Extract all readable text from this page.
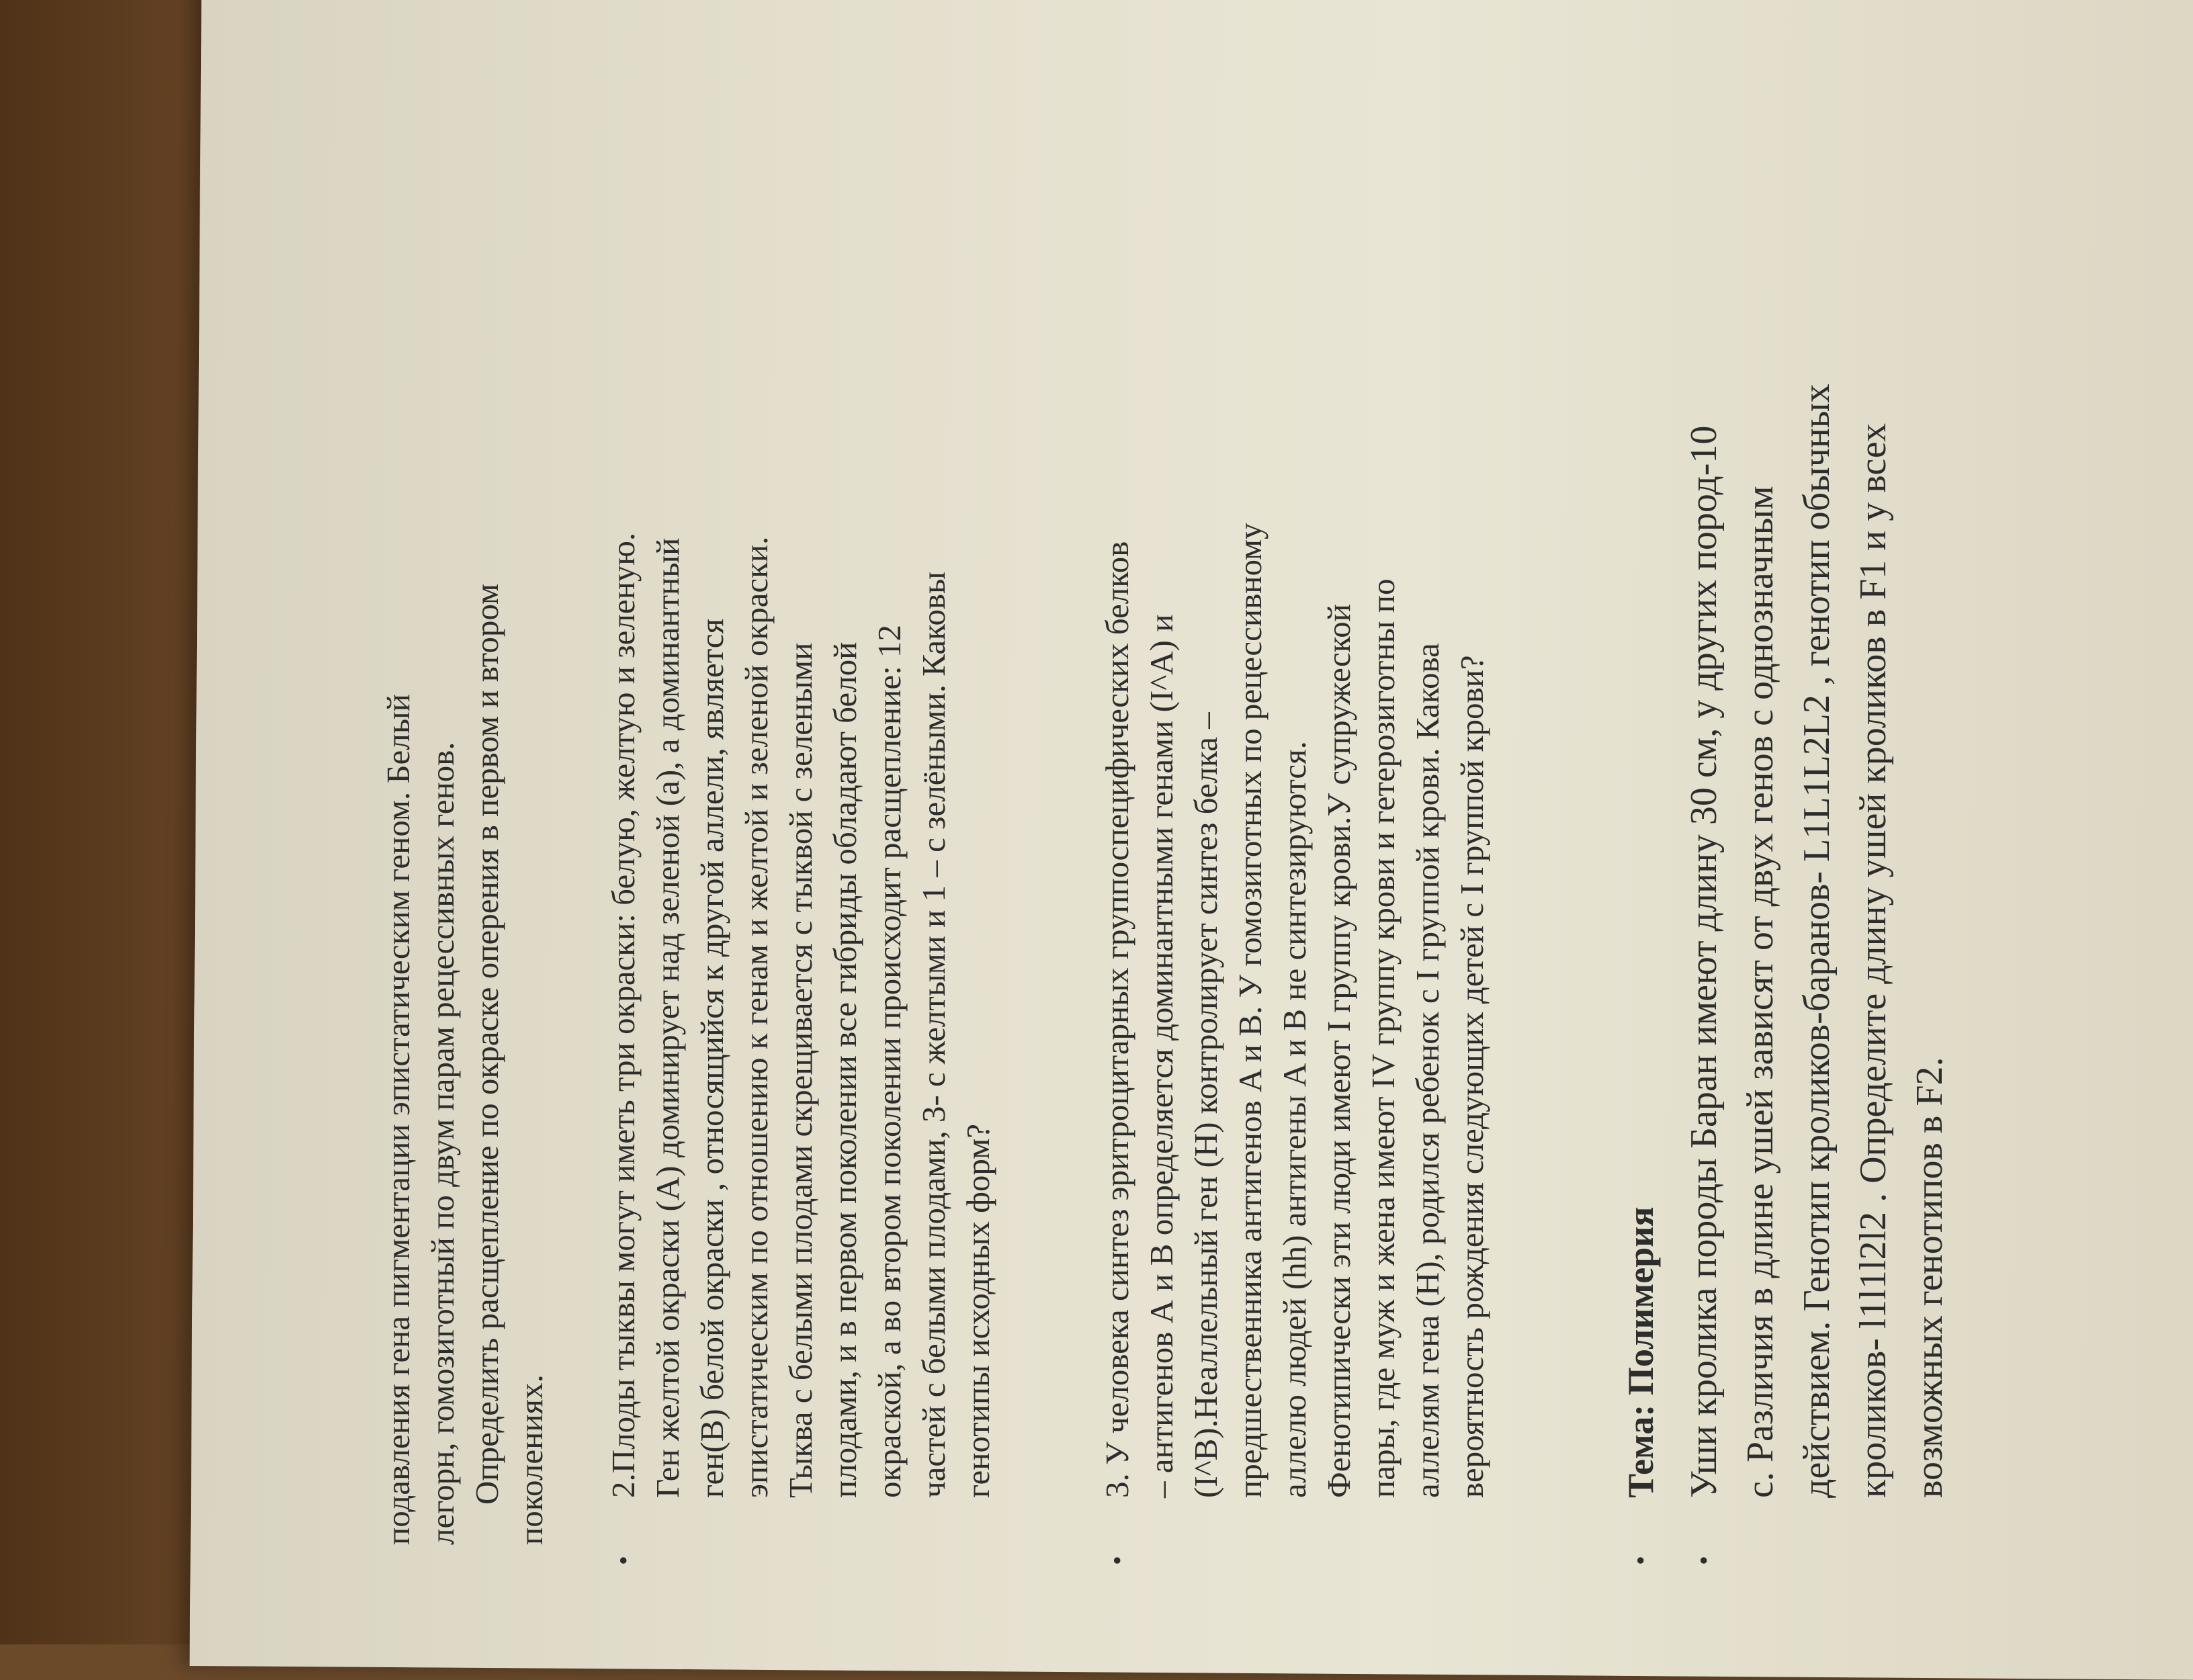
подавления гена пигментации эпистатическим геном. Белый легорн, гомозиготный по двум парам рецессивных генов. Определить расщепление по окраске оперения в первом и втором поколениях.
•
2.Плоды тыквы могут иметь три окраски: белую, желтую и зеленую. Ген желтой окраски (А) доминирует над зеленой (а), а доминантный ген(В) белой окраски , относящийся к другой аллели, является эпистатическим по отношению к генам и желтой и зеленой окраски. Тыква с белыми плодами скрещивается с тыквой с зелеными плодами, и в первом поколении все гибриды обладают белой окраской, а во втором поколении происходит расщепление: 12 частей с белыми плодами, 3- с желтыми и 1 – с зелёными. Каковы генотипы исходных форм?
•
3. У человека синтез эритроцитарных группоспецифических белков – антигенов А и В определяется доминантными генами (I^A) и (I^B).Неаллельный ген (H) контролирует синтез белка – предшественника антигенов A и B. У гомозиготных по рецессивному аллелю людей (hh) антигены A и B не синтезируются. Фенотипически эти люди имеют I группу крови.У супружеской пары, где муж и жена имеют IV группу крови и гетерозиготны по аллелям гена (H), родился ребенок с I группой крови. Какова вероятность рождения следующих детей с I группой крови?
•
Тема: Полимерия
•
Уши кролика породы Баран имеют длину 30 см, у других пород-10 с. Различия в длине ушей зависят от двух генов с однозначным действием. Генотип кроликов-баранов- L1L1L2L2 , генотип обычных кроликов- l1l1l2l2 . Определите длину ушей кроликов в F1 и у всех возможных генотипов в F2.
